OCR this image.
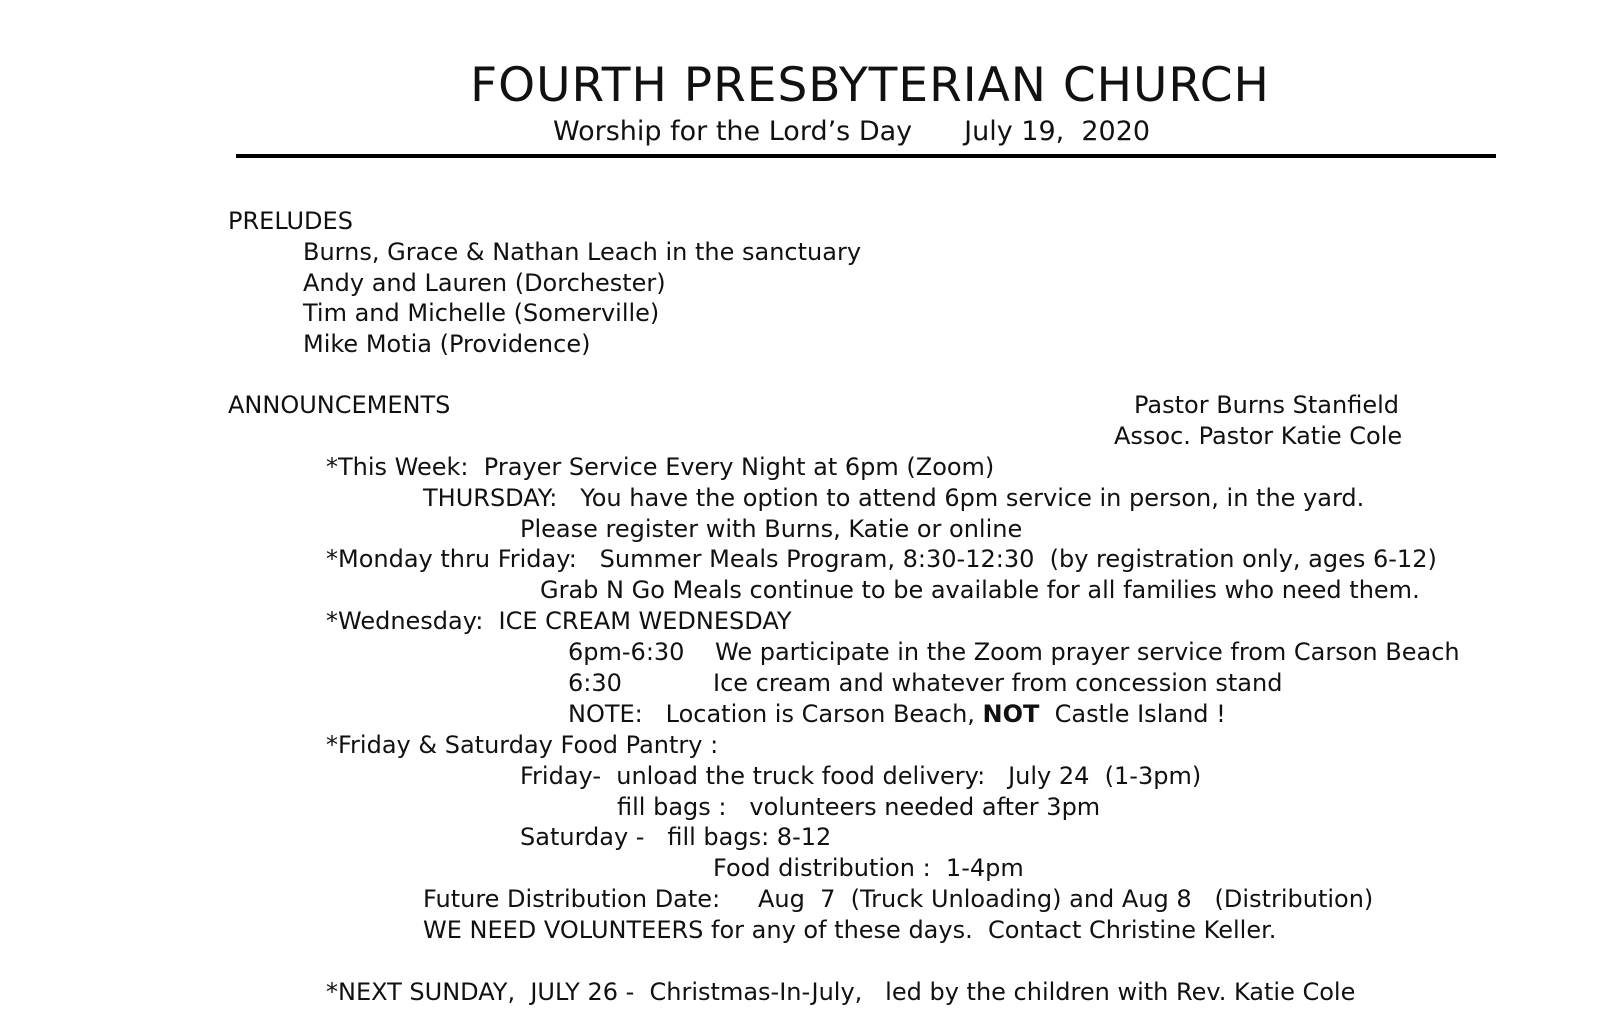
FOURTH PRESBYTERIAN CHURCH
Worship for the Lord’s Day July 19,  2020
PRELUDES
Burns, Grace & Nathan Leach in the sanctuary
Andy and Lauren (Dorchester)
Tim and Michelle (Somerville)
Mike Motia (Providence)
ANNOUNCEMENTS	Pastor Burns Stanfield
Assoc. Pastor Katie Cole
*This Week:  Prayer Service Every Night at 6pm (Zoom)
THURSDAY:   You have the option to attend 6pm service in person, in the yard.
Please register with Burns, Katie or online
*Monday thru Friday:   Summer Meals Program, 8:30-12:30  (by registration only, ages 6-12)
Grab N Go Meals continue to be available for all families who need them.
*Wednesday:  ICE CREAM WEDNESDAY
6pm-6:30 We participate in the Zoom prayer service from Carson Beach
6:30	Ice cream and whatever from concession stand
NOTE:   Location is Carson Beach, NOT  Castle Island !
*Friday & Saturday Food Pantry :
Friday-  unload the truck food delivery:   July 24  (1-3pm)
fill bags :   volunteers needed after 3pm
Saturday -   fill bags: 8-12
Food distribution :  1-4pm
Future Distribution Date: Aug  7  (Truck Unloading) and Aug 8   (Distribution)
WE NEED VOLUNTEERS for any of these days.  Contact Christine Keller.
*NEXT SUNDAY,  JULY 26 -  Christmas-In-July,   led by the children with Rev. Katie Cole
